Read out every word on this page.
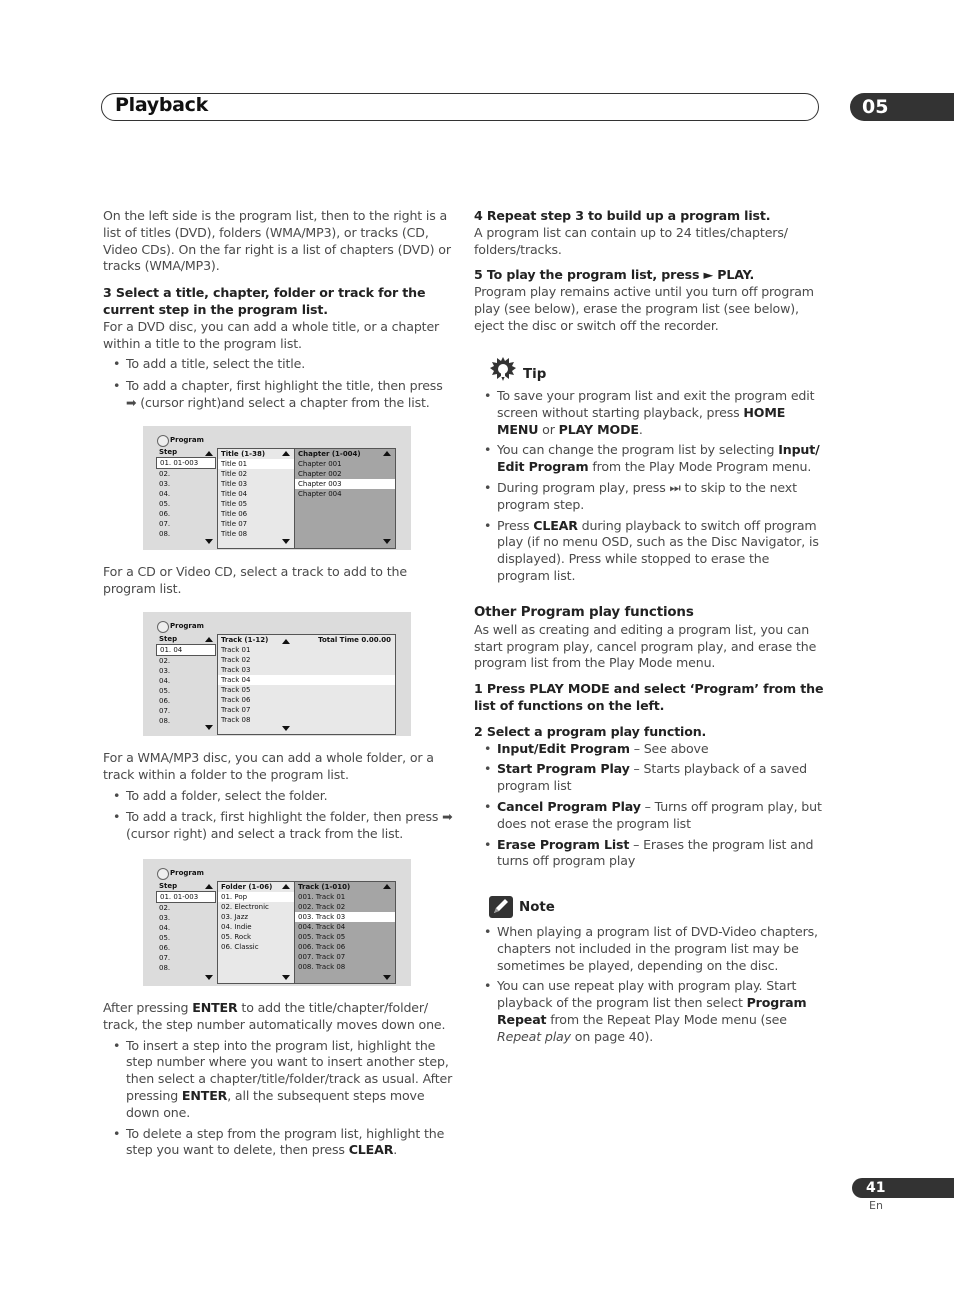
Playback	05

On the left side is the program list, then to the right is a list of titles (DVD), folders (WMA/MP3), or tracks (CD, Video CDs). On the far right is a list of chapters (DVD) or tracks (WMA/MP3).

3 Select a title, chapter, folder or track for the current step in the program list.

For a DVD disc, you can add a whole title, or a chapter within a title to the program list.

• To add a title, select the title.
• To add a chapter, first highlight the title, then press ➡ (cursor right)and select a chapter from the list.
Program
Step
01. 01-003
02.
03.
04.
05.
06.
07.
08.
Title (1-38)
Title 01
Title 02
Title 03
Title 04
Title 05
Title 06
Title 07
Title 08
Chapter (1-004)
Chapter 001
Chapter 002
Chapter 003
Chapter 004

For a CD or Video CD, select a track to add to the program list.

Program
Step
01. 04
02.
03.
04.
05.
06.
07.
08.
Track (1-12)	Total Time 0.00.00
Track 01
Track 02
Track 03
Track 04
Track 05
Track 06
Track 07
Track 08

For a WMA/MP3 disc, you can add a whole folder, or a track within a folder to the program list.

• To add a folder, select the folder.
• To add a track, first highlight the folder, then press ➡ (cursor right) and select a track from the list.
Program
Step
01. 01-003
02.
03.
04.
05.
06.
07.
08.
Folder (1-06)
01. Pop
02. Electronic
03. Jazz
04. Indie
05. Rock
06. Classic
Track (1-010)
001. Track 01
002. Track 02
003. Track 03
004. Track 04
005. Track 05
006. Track 06
007. Track 07
008. Track 08

After pressing ENTER to add the title/chapter/folder/ track, the step number automatically moves down one.

• To insert a step into the program list, highlight the step number where you want to insert another step, then select a chapter/title/folder/track as usual. After pressing ENTER, all the subsequent steps move down one.
• To delete a step from the program list, highlight the step you want to delete, then press CLEAR.

4 Repeat step 3 to build up a program list.

A program list can contain up to 24 titles/chapters/ folders/tracks.

5 To play the program list, press ► PLAY.

Program play remains active until you turn off program play (see below), erase the program list (see below), eject the disc or switch off the recorder.

Tip
• To save your program list and exit the program edit screen without starting playback, press HOME MENU or PLAY MODE.
• You can change the program list by selecting Input/ Edit Program from the Play Mode Program menu.
• During program play, press ⏭ to skip to the next program step.
• Press CLEAR during playback to switch off program play (if no menu OSD, such as the Disc Navigator, is displayed). Press while stopped to erase the program list.

Other Program play functions

As well as creating and editing a program list, you can start program play, cancel program play, and erase the program list from the Play Mode menu.

1 Press PLAY MODE and select ‘Program’ from the list of functions on the left.

2 Select a program play function.

• Input/Edit Program – See above
• Start Program Play – Starts playback of a saved program list
• Cancel Program Play – Turns off program play, but does not erase the program list
• Erase Program List – Erases the program list and turns off program play
Note
• When playing a program list of DVD-Video chapters, chapters not included in the program list may be sometimes be played, depending on the disc.
• You can use repeat play with program play. Start playback of the program list then select Program Repeat from the Repeat Play Mode menu (see Repeat play on page 40).
41
En
